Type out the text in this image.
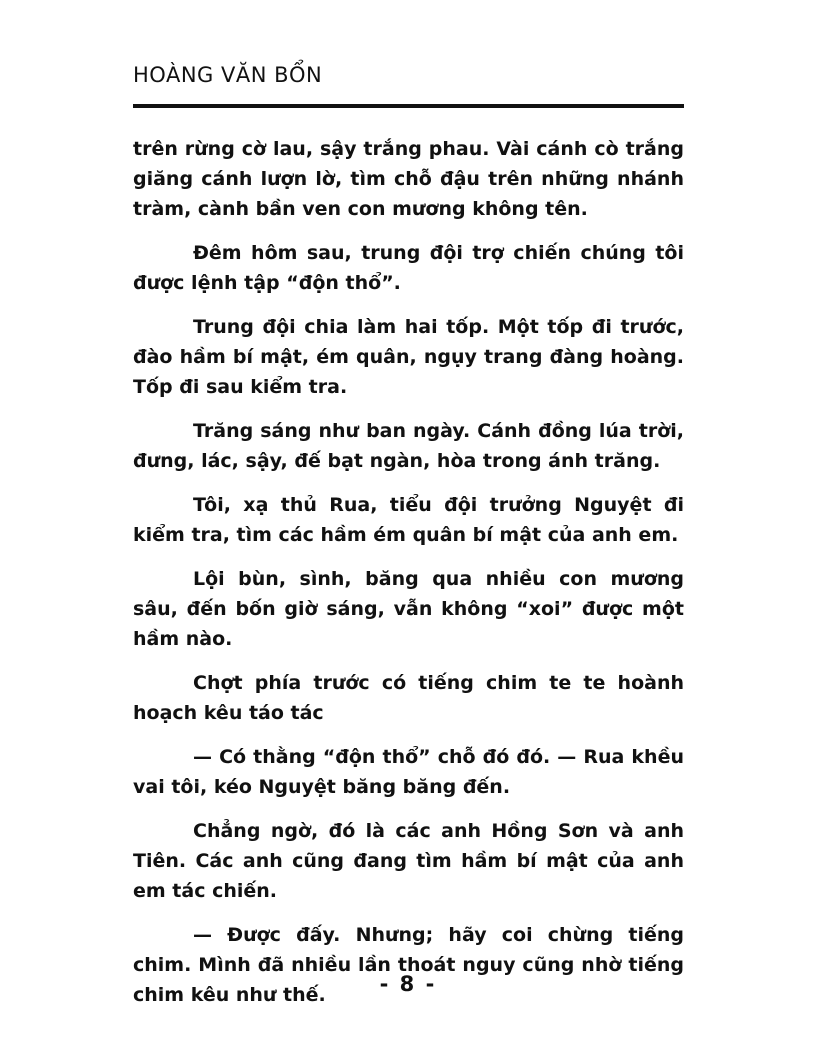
HOÀNG VĂN BỔN

trên rừng cờ lau, sậy trắng phau. Vài cánh cò trắng giăng cánh lượn lờ, tìm chỗ đậu trên những nhánh tràm, cành bần ven con mương không tên.

Đêm hôm sau, trung đội trợ chiến chúng tôi được lệnh tập “độn thổ”.

Trung đội chia làm hai tốp. Một tốp đi trước, đào hầm bí mật, ém quân, ngụy trang đàng hoàng. Tốp đi sau kiểm tra.

Trăng sáng như ban ngày. Cánh đồng lúa trời, đưng, lác, sậy, đế bạt ngàn, hòa trong ánh trăng.

Tôi, xạ thủ Rua, tiểu đội trưởng Nguyệt đi kiểm tra, tìm các hầm ém quân bí mật của anh em.

Lội bùn, sình, băng qua nhiều con mương sâu, đến bốn giờ sáng, vẫn không “xoi” được một hầm nào.

Chợt phía trước có tiếng chim te te hoành hoạch kêu táo tác

— Có thằng “độn thổ” chỗ đó đó. — Rua khều vai tôi, kéo Nguyệt băng băng đến.

Chẳng ngờ, đó là các anh Hồng Sơn và anh Tiên. Các anh cũng đang tìm hầm bí mật của anh em tác chiến.

— Được đấy. Nhưng; hãy coi chừng tiếng chim. Mình đã nhiều lần thoát nguy cũng nhờ tiếng chim kêu như thế.	- 8 -
